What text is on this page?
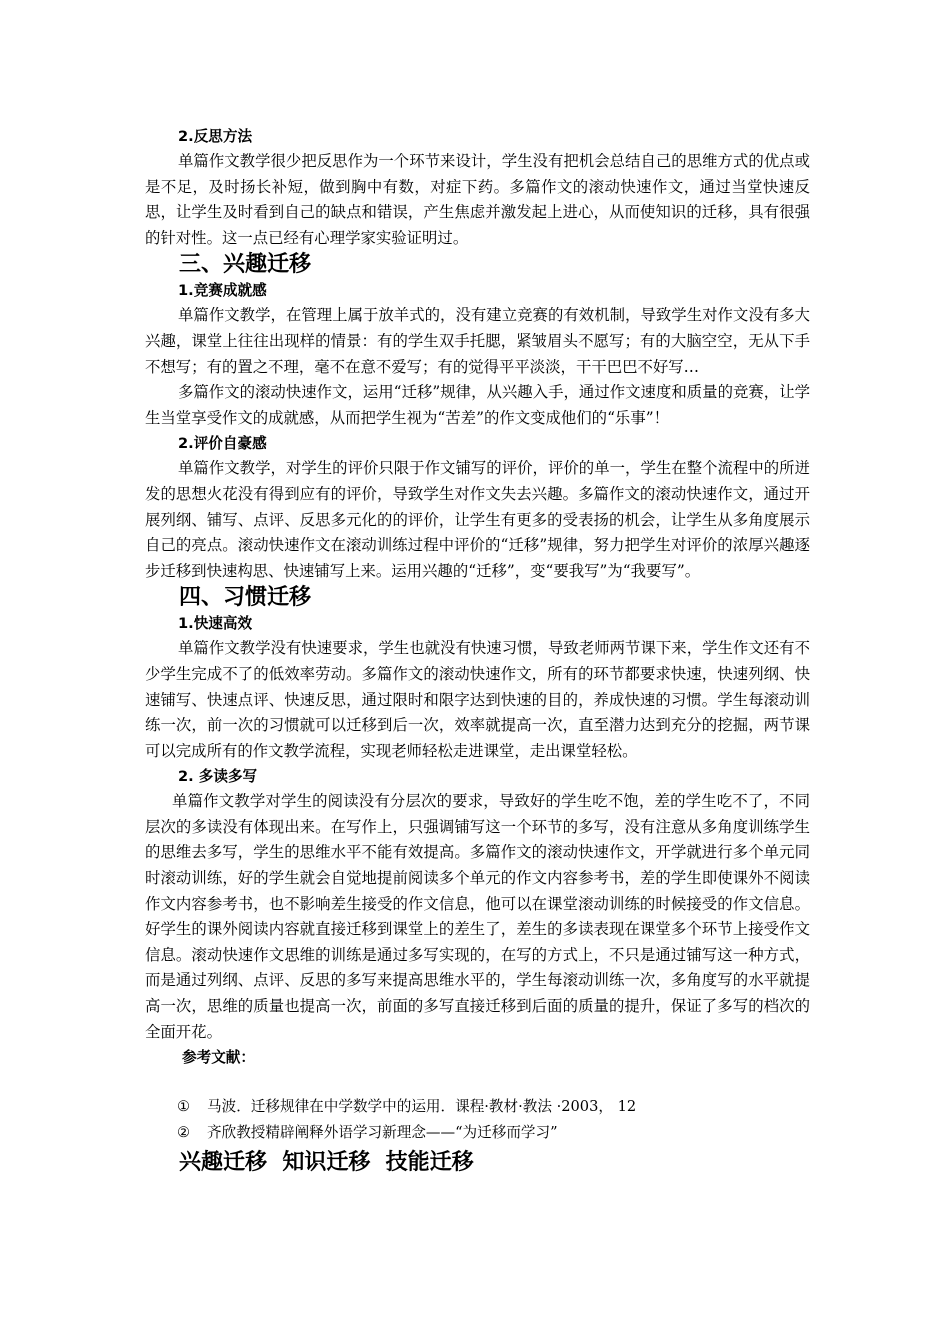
2.反思方法

单篇作文教学很少把反思作为一个环节来设计，学生没有把机会总结自己的思维方式的优点或是不足，及时扬长补短，做到胸中有数，对症下药。多篇作文的滚动快速作文，通过当堂快速反思，让学生及时看到自己的缺点和错误，产生焦虑并激发起上进心，从而使知识的迁移，具有很强的针对性。这一点已经有心理学家实验证明过。

三、兴趣迁移
1.竞赛成就感

单篇作文教学，在管理上属于放羊式的，没有建立竞赛的有效机制，导致学生对作文没有多大兴趣，课堂上往往出现样的情景：有的学生双手托腮，紧皱眉头不愿写；有的大脑空空，无从下手不想写；有的置之不理，毫不在意不爱写；有的觉得平平淡淡，干干巴巴不好写…

多篇作文的滚动快速作文，运用“迁移”规律，从兴趣入手，通过作文速度和质量的竞赛，让学生当堂享受作文的成就感，从而把学生视为“苦差”的作文变成他们的“乐事”！

2.评价自豪感

单篇作文教学，对学生的评价只限于作文铺写的评价，评价的单一，学生在整个流程中的所迸发的思想火花没有得到应有的评价，导致学生对作文失去兴趣。多篇作文的滚动快速作文，通过开展列纲、铺写、点评、反思多元化的的评价，让学生有更多的受表扬的机会，让学生从多角度展示自己的亮点。滚动快速作文在滚动训练过程中评价的“迁移”规律，努力把学生对评价的浓厚兴趣逐步迁移到快速构思、快速铺写上来。运用兴趣的“迁移”，变“要我写”为“我要写”。

四、习惯迁移
1.快速高效

单篇作文教学没有快速要求，学生也就没有快速习惯，导致老师两节课下来，学生作文还有不少学生完成不了的低效率劳动。多篇作文的滚动快速作文，所有的环节都要求快速，快速列纲、快速铺写、快速点评、快速反思，通过限时和限字达到快速的目的，养成快速的习惯。学生每滚动训练一次，前一次的习惯就可以迁移到后一次，效率就提高一次，直至潜力达到充分的挖掘，两节课可以完成所有的作文教学流程，实现老师轻松走进课堂，走出课堂轻松。

2. 多读多写

单篇作文教学对学生的阅读没有分层次的要求，导致好的学生吃不饱，差的学生吃不了，不同层次的多读没有体现出来。在写作上，只强调铺写这一个环节的多写，没有注意从多角度训练学生的思维去多写，学生的思维水平不能有效提高。多篇作文的滚动快速作文，开学就进行多个单元同时滚动训练，好的学生就会自觉地提前阅读多个单元的作文内容参考书，差的学生即使课外不阅读作文内容参考书，也不影响差生接受的作文信息，他可以在课堂滚动训练的时候接受的作文信息。好学生的课外阅读内容就直接迁移到课堂上的差生了，差生的多读表现在课堂多个环节上接受作文信息。滚动快速作文思维的训练是通过多写实现的，在写的方式上，不只是通过铺写这一种方式，而是通过列纲、点评、反思的多写来提高思维水平的，学生每滚动训练一次，多角度写的水平就提高一次，思维的质量也提高一次，前面的多写直接迁移到后面的质量的提升，保证了多写的档次的全面开花。

参考文献：
① 马波．迁移规律在中学数学中的运用．课程·教材·教法 ·2003， 12
② 齐欣教授精辟阐释外语学习新理念——“为迁移而学习”
兴趣迁移  知识迁移  技能迁移
